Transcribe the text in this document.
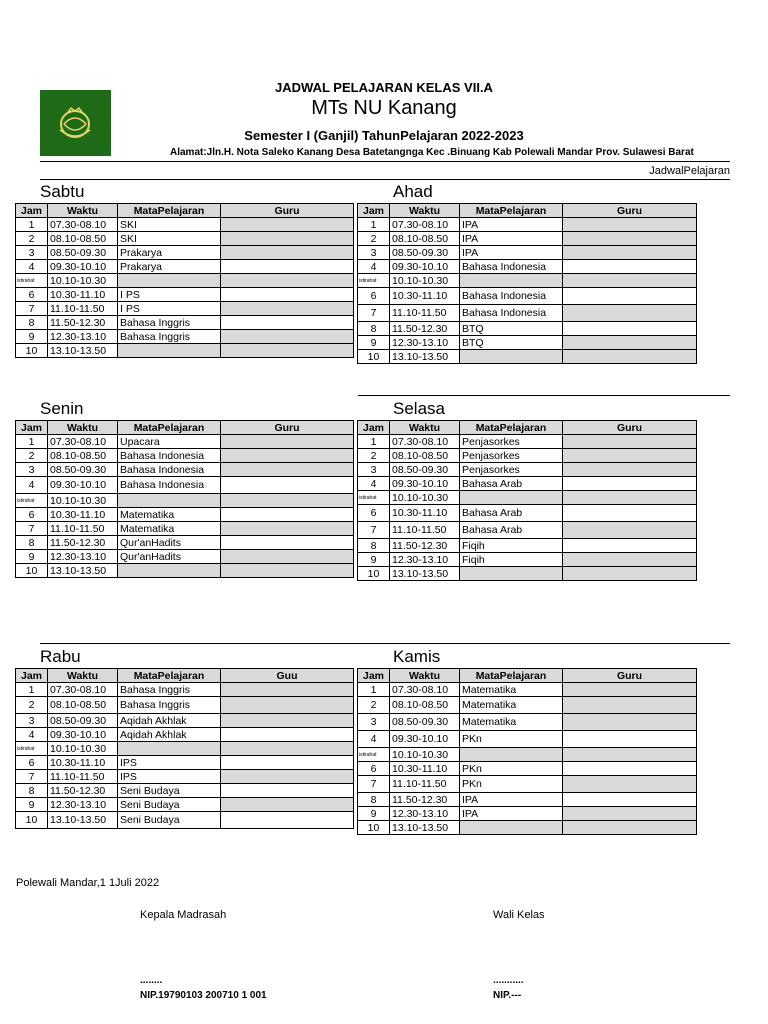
JADWAL PELAJARAN KELAS VII.A
MTs NU Kanang
Semester I (Ganjil) TahunPelajaran 2022-2023
Alamat:Jln.H. Nota Saleko Kanang Desa Batetangnga Kec .Binuang Kab Polewali Mandar Prov. Sulawesi Barat
JadwalPelajaran
Sabtu	Ahad
Senin	Selasa
Rabu	Kamis
Jam	Waktu	MataPelajaran	Guru
1	07.30-08.10	SKI	
2	08.10-08.50	SKI	
3	08.50-09.30	Prakarya	
4	09.30-10.10	Prakarya	
istirahat	10.10-10.30		
6	10.30-11.10	I PS	
7	11.10-11.50	I PS	
8	11.50-12.30	Bahasa Inggris	
9	12.30-13.10	Bahasa Inggris	
10	13.10-13.50		
Jam	Waktu	MataPelajaran	Guru
1	07.30-08.10	IPA	
2	08.10-08.50	IPA	
3	08.50-09.30	IPA	
4	09.30-10.10	Bahasa Indonesia	
istirahat	10.10-10.30		
6	10.30-11.10	Bahasa Indonesia	
7	11.10-11.50	Bahasa Indonesia	
8	11.50-12.30	BTQ	
9	12.30-13.10	BTQ	
10	13.10-13.50		
Jam	Waktu	MataPelajaran	Guru
1	07.30-08.10	Upacara	
2	08.10-08.50	Bahasa Indonesia	
3	08.50-09.30	Bahasa Indonesia	
4	09.30-10.10	Bahasa Indonesia	
istirahat	10.10-10.30		
6	10.30-11.10	Matematika	
7	11.10-11.50	Matematika	
8	11.50-12.30	Qur'anHadits	
9	12.30-13.10	Qur'anHadits	
10	13.10-13.50		
Jam	Waktu	MataPelajaran	Guru
1	07.30-08.10	Penjasorkes	
2	08.10-08.50	Penjasorkes	
3	08.50-09.30	Penjasorkes	
4	09.30-10.10	Bahasa Arab	
istirahat	10.10-10.30		
6	10.30-11.10	Bahasa Arab	
7	11.10-11.50	Bahasa Arab	
8	11.50-12.30	Fiqih	
9	12.30-13.10	Fiqih	
10	13.10-13.50		
Jam	Waktu	MataPelajaran	Guu
1	07.30-08.10	Bahasa Inggris	
2	08.10-08.50	Bahasa Inggris	
3	08.50-09.30	Aqidah Akhlak	
4	09.30-10.10	Aqidah Akhlak	
istirahat	10.10-10.30		
6	10.30-11.10	IPS	
7	11.10-11.50	IPS	
8	11.50-12.30	Seni Budaya	
9	12.30-13.10	Seni Budaya	
10	13.10-13.50	Seni Budaya	
Jam	Waktu	MataPelajaran	Guru
1	07.30-08.10	Matematika	
2	08.10-08.50	Matematika	
3	08.50-09.30	Matematika	
4	09.30-10.10	PKn	
istirahat	10.10-10.30		
6	10.30-11.10	PKn	
7	11.10-11.50	PKn	
8	11.50-12.30	IPA	
9	12.30-13.10	IPA	
10	13.10-13.50		
Polewali Mandar,1 1Juli 2022
Kepala Madrasah	Wali Kelas
........	...........
NIP.19790103 200710 1 001	NIP.---
